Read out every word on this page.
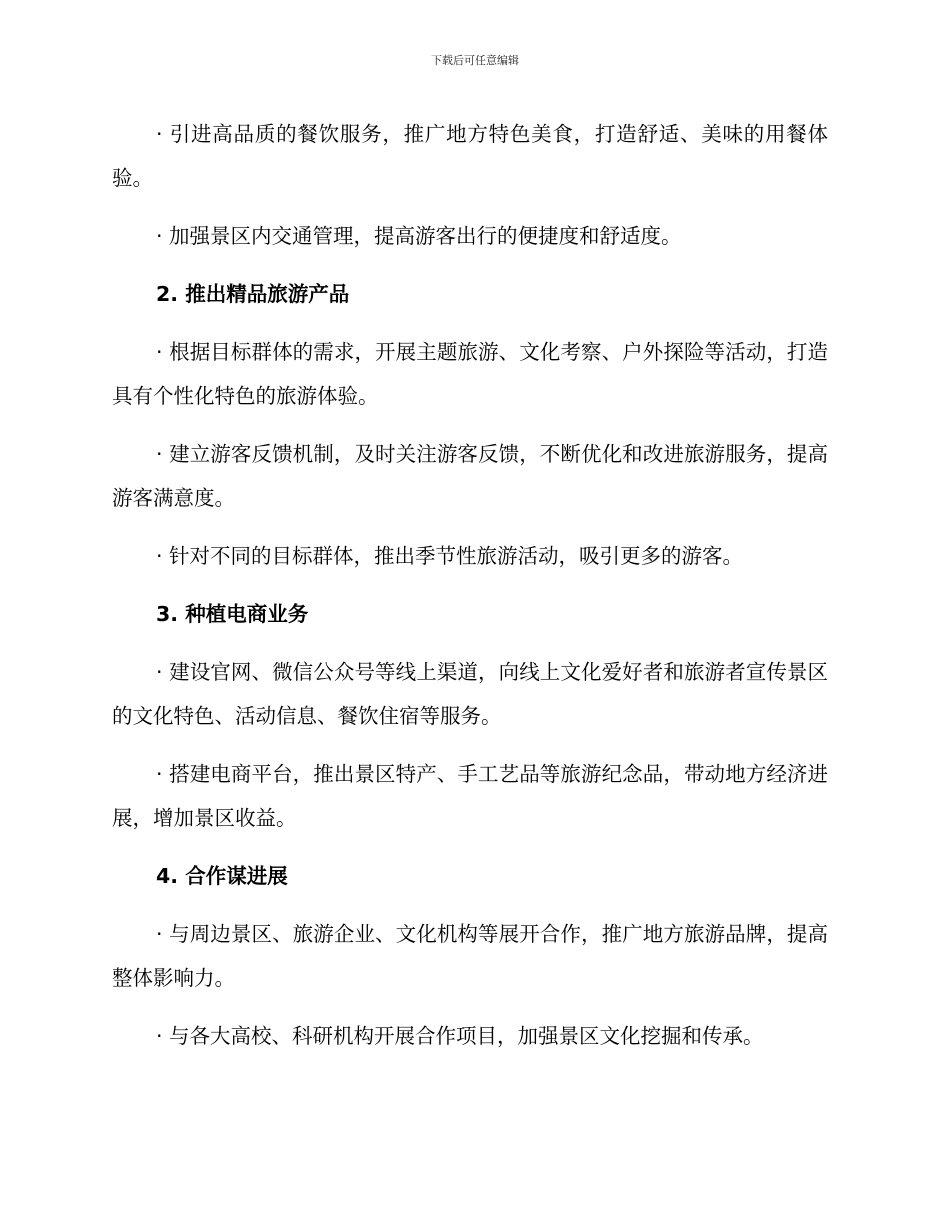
下载后可任意编辑

· 引进高品质的餐饮服务，推广地方特色美食，打造舒适、美味的用餐体验。

· 加强景区内交通管理，提高游客出行的便捷度和舒适度。

2. 推出精品旅游产品

· 根据目标群体的需求，开展主题旅游、文化考察、户外探险等活动，打造具有个性化特色的旅游体验。

· 建立游客反馈机制，及时关注游客反馈，不断优化和改进旅游服务，提高游客满意度。

· 针对不同的目标群体，推出季节性旅游活动，吸引更多的游客。

3. 种植电商业务

· 建设官网、微信公众号等线上渠道，向线上文化爱好者和旅游者宣传景区的文化特色、活动信息、餐饮住宿等服务。

· 搭建电商平台，推出景区特产、手工艺品等旅游纪念品，带动地方经济进展，增加景区收益。

4. 合作谋进展

· 与周边景区、旅游企业、文化机构等展开合作，推广地方旅游品牌，提高整体影响力。

· 与各大高校、科研机构开展合作项目，加强景区文化挖掘和传承。
